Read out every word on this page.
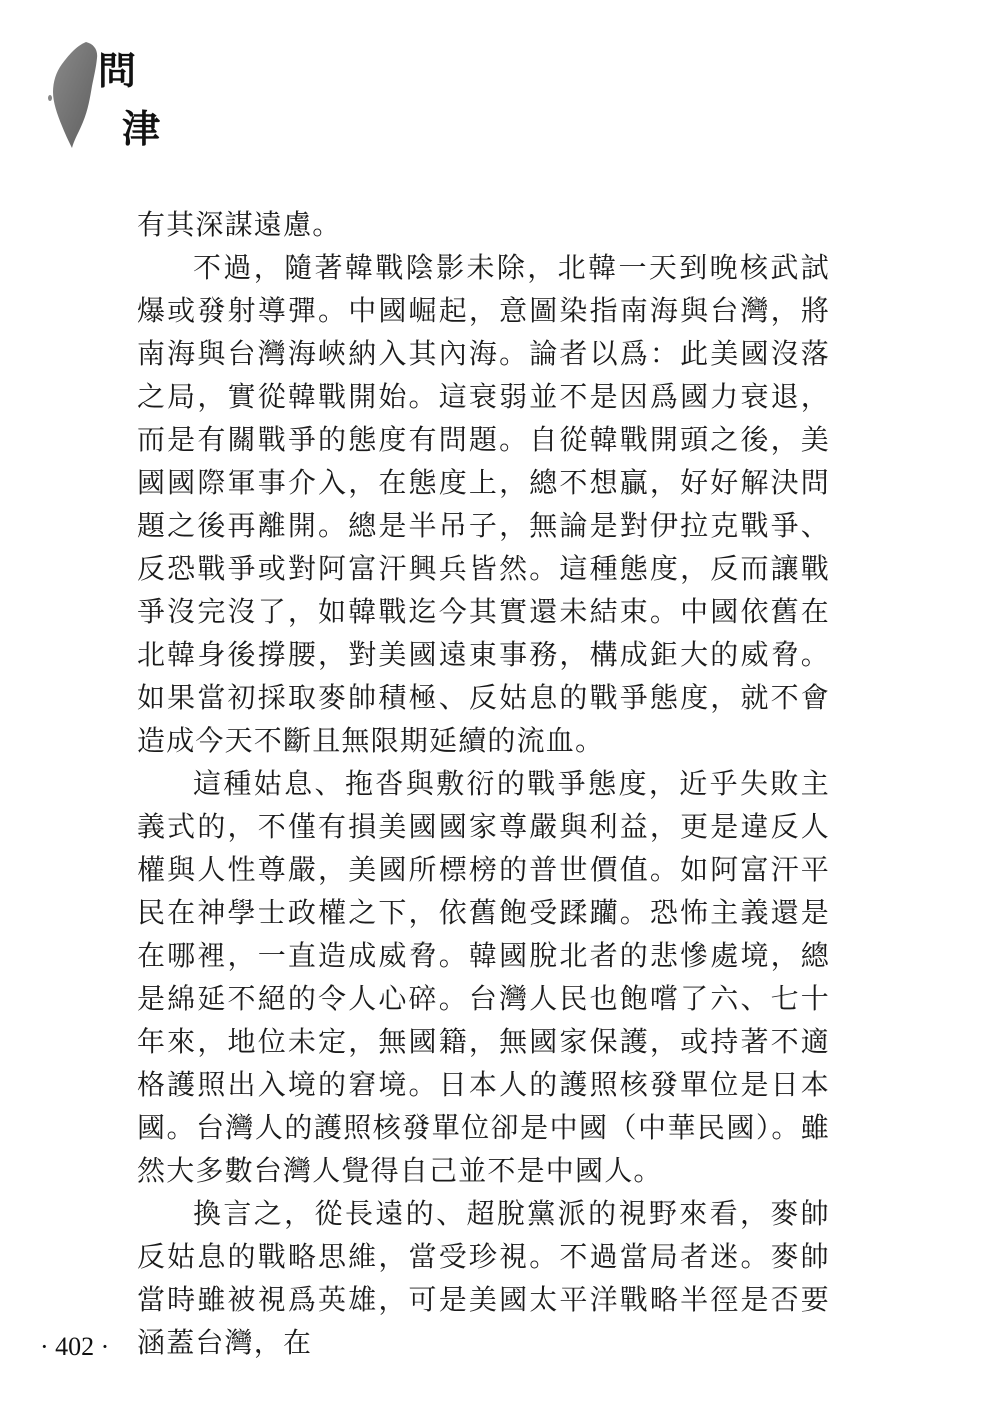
問
津

有其深謀遠慮。

不過，隨著韓戰陰影未除，北韓一天到晚核武試爆或發射導彈。中國崛起，意圖染指南海與台灣，將南海與台灣海峽納入其內海。論者以爲：此美國沒落之局，實從韓戰開始。這衰弱並不是因爲國力衰退，而是有關戰爭的態度有問題。自從韓戰開頭之後，美國國際軍事介入，在態度上，總不想贏，好好解決問題之後再離開。總是半吊子，無論是對伊拉克戰爭、反恐戰爭或對阿富汗興兵皆然。這種態度，反而讓戰爭沒完沒了，如韓戰迄今其實還未結束。中國依舊在北韓身後撐腰，對美國遠東事務，構成鉅大的威脅。如果當初採取麥帥積極、反姑息的戰爭態度，就不會造成今天不斷且無限期延續的流血。

這種姑息、拖沓與敷衍的戰爭態度，近乎失敗主義式的，不僅有損美國國家尊嚴與利益，更是違反人權與人性尊嚴，美國所標榜的普世價值。如阿富汗平民在神學士政權之下，依舊飽受蹂躪。恐怖主義還是在哪裡，一直造成威脅。韓國脫北者的悲慘處境，總是綿延不絕的令人心碎。台灣人民也飽嚐了六、七十年來，地位未定，無國籍，無國家保護，或持著不適格護照出入境的窘境。日本人的護照核發單位是日本國。台灣人的護照核發單位卻是中國（中華民國）。雖然大多數台灣人覺得自己並不是中國人。

換言之，從長遠的、超脫黨派的視野來看，麥帥反姑息的戰略思維，當受珍視。不過當局者迷。麥帥當時雖被視爲英雄，可是美國太平洋戰略半徑是否要涵蓋台灣，在

· 402 ·
